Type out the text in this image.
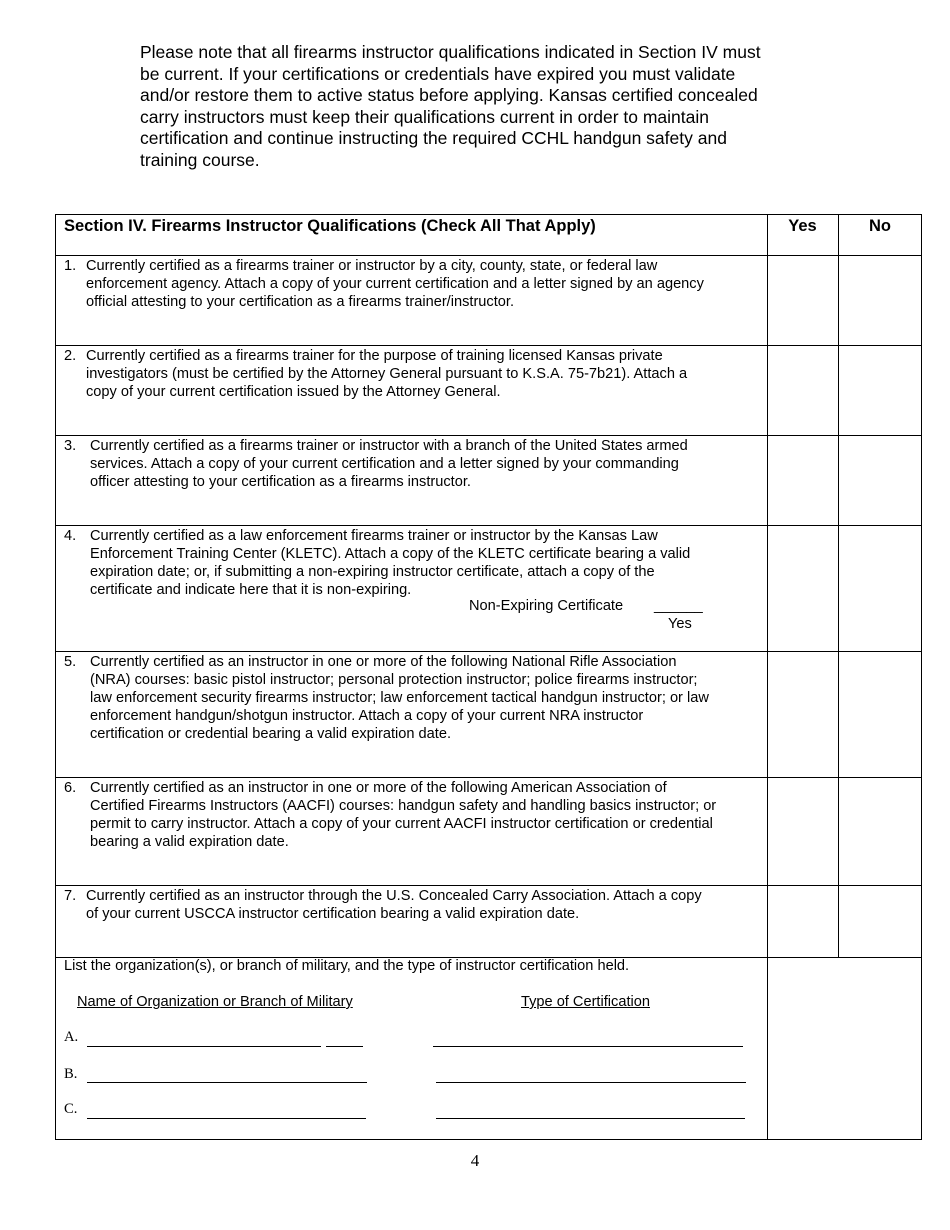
Please note that all firearms instructor qualifications indicated in Section IV must
be current. If your certifications or credentials have expired you must validate
and/or restore them to active status before applying. Kansas certified concealed
carry instructors must keep their qualifications current in order to maintain
certification and continue instructing the required CCHL handgun safety and
training course.
Section IV. Firearms Instructor Qualifications (Check All That Apply)	Yes	No
1. Currently certified as a firearms trainer or instructor by a city, county, state, or federal law
enforcement agency. Attach a copy of your current certification and a letter signed by an agency
official attesting to your certification as a firearms trainer/instructor.
2. Currently certified as a firearms trainer for the purpose of training licensed Kansas private
investigators (must be certified by the Attorney General pursuant to K.S.A. 75-7b21). Attach a
copy of your current certification issued by the Attorney General.
3. Currently certified as a firearms trainer or instructor with a branch of the United States armed
services. Attach a copy of your current certification and a letter signed by your commanding
officer attesting to your certification as a firearms instructor.
4. Currently certified as a law enforcement firearms trainer or instructor by the Kansas Law
Enforcement Training Center (KLETC). Attach a copy of the KLETC certificate bearing a valid
expiration date; or, if submitting a non-expiring instructor certificate, attach a copy of the
certificate and indicate here that it is non-expiring.
Non-Expiring Certificate ______
Yes
5. Currently certified as an instructor in one or more of the following National Rifle Association
(NRA) courses: basic pistol instructor; personal protection instructor; police firearms instructor;
law enforcement security firearms instructor; law enforcement tactical handgun instructor; or law
enforcement handgun/shotgun instructor. Attach a copy of your current NRA instructor
certification or credential bearing a valid expiration date.
6. Currently certified as an instructor in one or more of the following American Association of
Certified Firearms Instructors (AACFI) courses: handgun safety and handling basics instructor; or
permit to carry instructor. Attach a copy of your current AACFI instructor certification or credential
bearing a valid expiration date.
7. Currently certified as an instructor through the U.S. Concealed Carry Association. Attach a copy
of your current USCCA instructor certification bearing a valid expiration date.
List the organization(s), or branch of military, and the type of instructor certification held.
Name of Organization or Branch of Military	Type of Certification
A.
B.
C.
4
